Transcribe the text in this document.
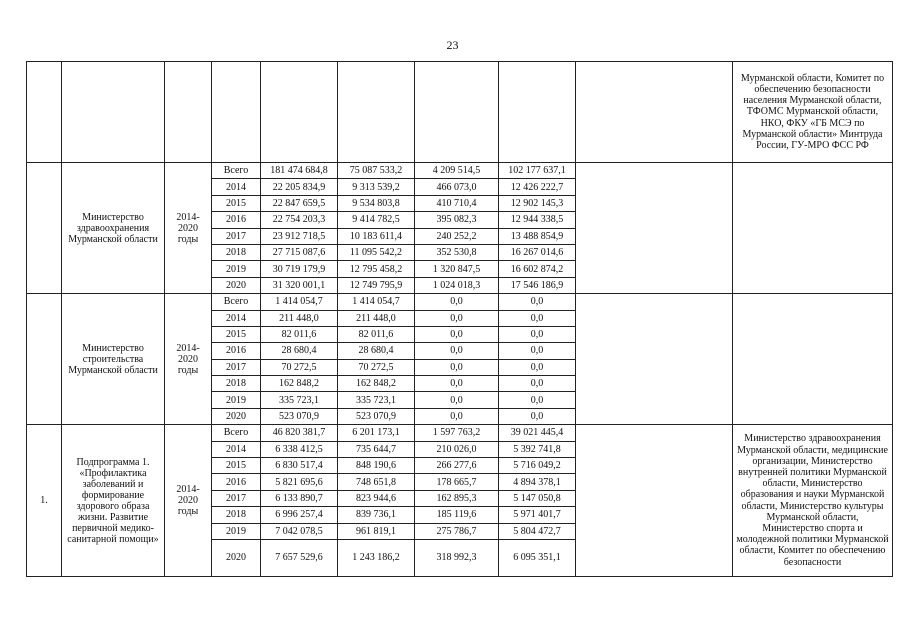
23
									Мурманской области, Комитет по обеспечению безопасности населения Мурманской области, ТФОМС Мурманской области, НКО, ФКУ «ГБ МСЭ по Мурманской области» Минтруда России, ГУ-МРО ФСС РФ
	Министерство здравоохранения Мурманской области	2014-2020 годы	Всего	181 474 684,8	75 087 533,2	4 209 514,5	102 177 637,1		
			2014	22 205 834,9	9 313 539,2	466 073,0	12 426 222,7		
			2015	22 847 659,5	9 534 803,8	410 710,4	12 902 145,3		
			2016	22 754 203,3	9 414 782,5	395 082,3	12 944 338,5		
			2017	23 912 718,5	10 183 611,4	240 252,2	13 488 854,9		
			2018	27 715 087,6	11 095 542,2	352 530,8	16 267 014,6		
			2019	30 719 179,9	12 795 458,2	1 320 847,5	16 602 874,2		
			2020	31 320 001,1	12 749 795,9	1 024 018,3	17 546 186,9		
	Министерство строительства Мурманской области	2014-2020 годы	Всего	1 414 054,7	1 414 054,7	0,0	0,0		
			2014	211 448,0	211 448,0	0,0	0,0		
			2015	82 011,6	82 011,6	0,0	0,0		
			2016	28 680,4	28 680,4	0,0	0,0		
			2017	70 272,5	70 272,5	0,0	0,0		
			2018	162 848,2	162 848,2	0,0	0,0		
			2019	335 723,1	335 723,1	0,0	0,0		
			2020	523 070,9	523 070,9	0,0	0,0		
1.	Подпрограмма 1. «Профилактика заболеваний и формирование здорового образа жизни. Развитие первичной медико-санитарной помощи»	2014-2020 годы	Всего	46 820 381,7	6 201 173,1	1 597 763,2	39 021 445,4		Министерство здравоохранения Мурманской области, медицинские организации, Министерство внутренней политики Мурманской области, Министерство образования и науки Мурманской области, Министерство культуры Мурманской области, Министерство спорта и молодежной политики Мурманской области, Комитет по обеспечению безопасности
			2014	6 338 412,5	735 644,7	210 026,0	5 392 741,8		
			2015	6 830 517,4	848 190,6	266 277,6	5 716 049,2		
			2016	5 821 695,6	748 651,8	178 665,7	4 894 378,1		
			2017	6 133 890,7	823 944,6	162 895,3	5 147 050,8		
			2018	6 996 257,4	839 736,1	185 119,6	5 971 401,7		
			2019	7 042 078,5	961 819,1	275 786,7	5 804 472,7		
			2020	7 657 529,6	1 243 186,2	318 992,3	6 095 351,1		
